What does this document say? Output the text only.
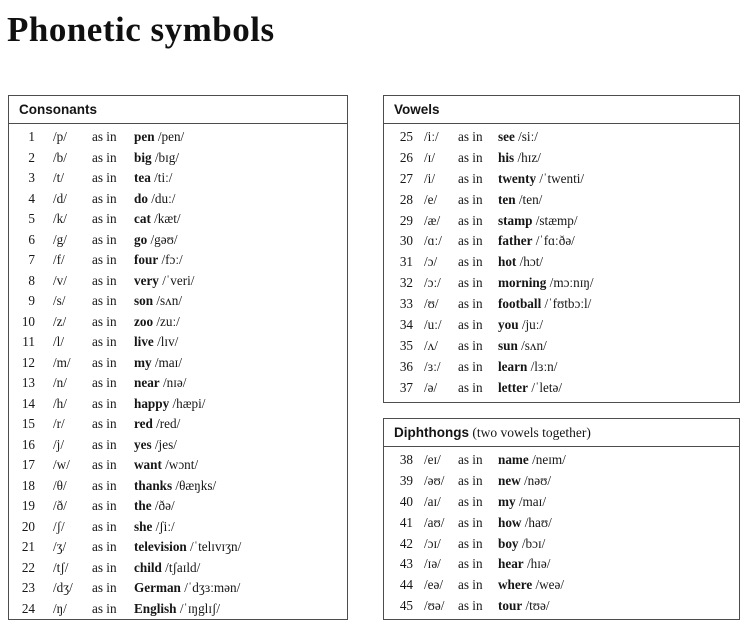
Phonetic symbols
Consonants
1	/p/	as in	pen /pen/
2	/b/	as in	big /bɪg/
3	/t/	as in	tea /tiː/
4	/d/	as in	do /duː/
5	/k/	as in	cat /kæt/
6	/g/	as in	go /gəʊ/
7	/f/	as in	four /fɔː/
8	/v/	as in	very /ˈveri/
9	/s/	as in	son /sʌn/
10	/z/	as in	zoo /zuː/
11	/l/	as in	live /lɪv/
12	/m/	as in	my /maɪ/
13	/n/	as in	near /nɪə/
14	/h/	as in	happy /hæpi/
15	/r/	as in	red /red/
16	/j/	as in	yes /jes/
17	/w/	as in	want /wɔnt/
18	/θ/	as in	thanks /θæŋks/
19	/ð/	as in	the /ðə/
20	/ʃ/	as in	she /ʃiː/
21	/ʒ/	as in	television /ˈtelɪvɪʒn/
22	/tʃ/	as in	child /tʃaɪld/
23	/dʒ/	as in	German /ˈdʒɜːmən/
24	/ŋ/	as in	English /ˈɪŋglɪʃ/
Vowels
25 /iː/	as in	see /siː/
26 /ɪ/	as in	his /hɪz/
27 /i/	as in	twenty /ˈtwenti/
28 /e/	as in	ten /ten/
29 /æ/	as in	stamp /stæmp/
30 /ɑː/	as in	father /ˈfɑːðə/
31 /ɔ/	as in	hot /hɔt/
32 /ɔː/	as in	morning /mɔːnɪŋ/
33 /ʊ/	as in	football /ˈfʊtbɔːl/
34 /uː/	as in	you /juː/
35 /ʌ/	as in	sun /sʌn/
36 /ɜː/	as in	learn /lɜːn/
37 /ə/	as in	letter /ˈletə/
Diphthongs (two vowels together)
38 /eɪ/	as in	name /neɪm/
39 /əʊ/	as in	new /nəʊ/
40 /aɪ/	as in	my /maɪ/
41 /aʊ/	as in	how /haʊ/
42 /ɔɪ/	as in	boy /bɔɪ/
43 /ɪə/	as in	hear /hɪə/
44 /eə/	as in	where /weə/
45 /ʊə/	as in	tour /tʊə/
